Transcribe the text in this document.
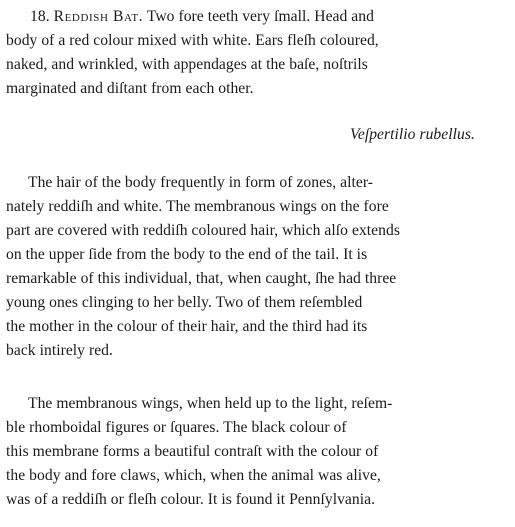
18. Reddish Bat. Two fore teeth very ſmall. Head and
body of a red colour mixed with white. Ears fleſh coloured,
naked, and wrinkled, with appendages at the baſe, noſtrils
marginated and diſtant from each other.
Veſpertilio rubellus.
The hair of the body frequently in form of zones, alter-
nately reddiſh and white. The membranous wings on the fore
part are covered with reddiſh coloured hair, which alſo extends
on the upper ſide from the body to the end of the tail. It is
remarkable of this individual, that, when caught, ſhe had three
young ones clinging to her belly. Two of them reſembled
the mother in the colour of their hair, and the third had its
back intirely red.
The membranous wings, when held up to the light, reſem-
ble rhomboidal figures or ſquares. The black colour of
this membrane forms a beautiful contraſt with the colour of
the body and fore claws, which, when the animal was alive,
was of a reddiſh or fleſh colour. It is found it Pennſylvania.
